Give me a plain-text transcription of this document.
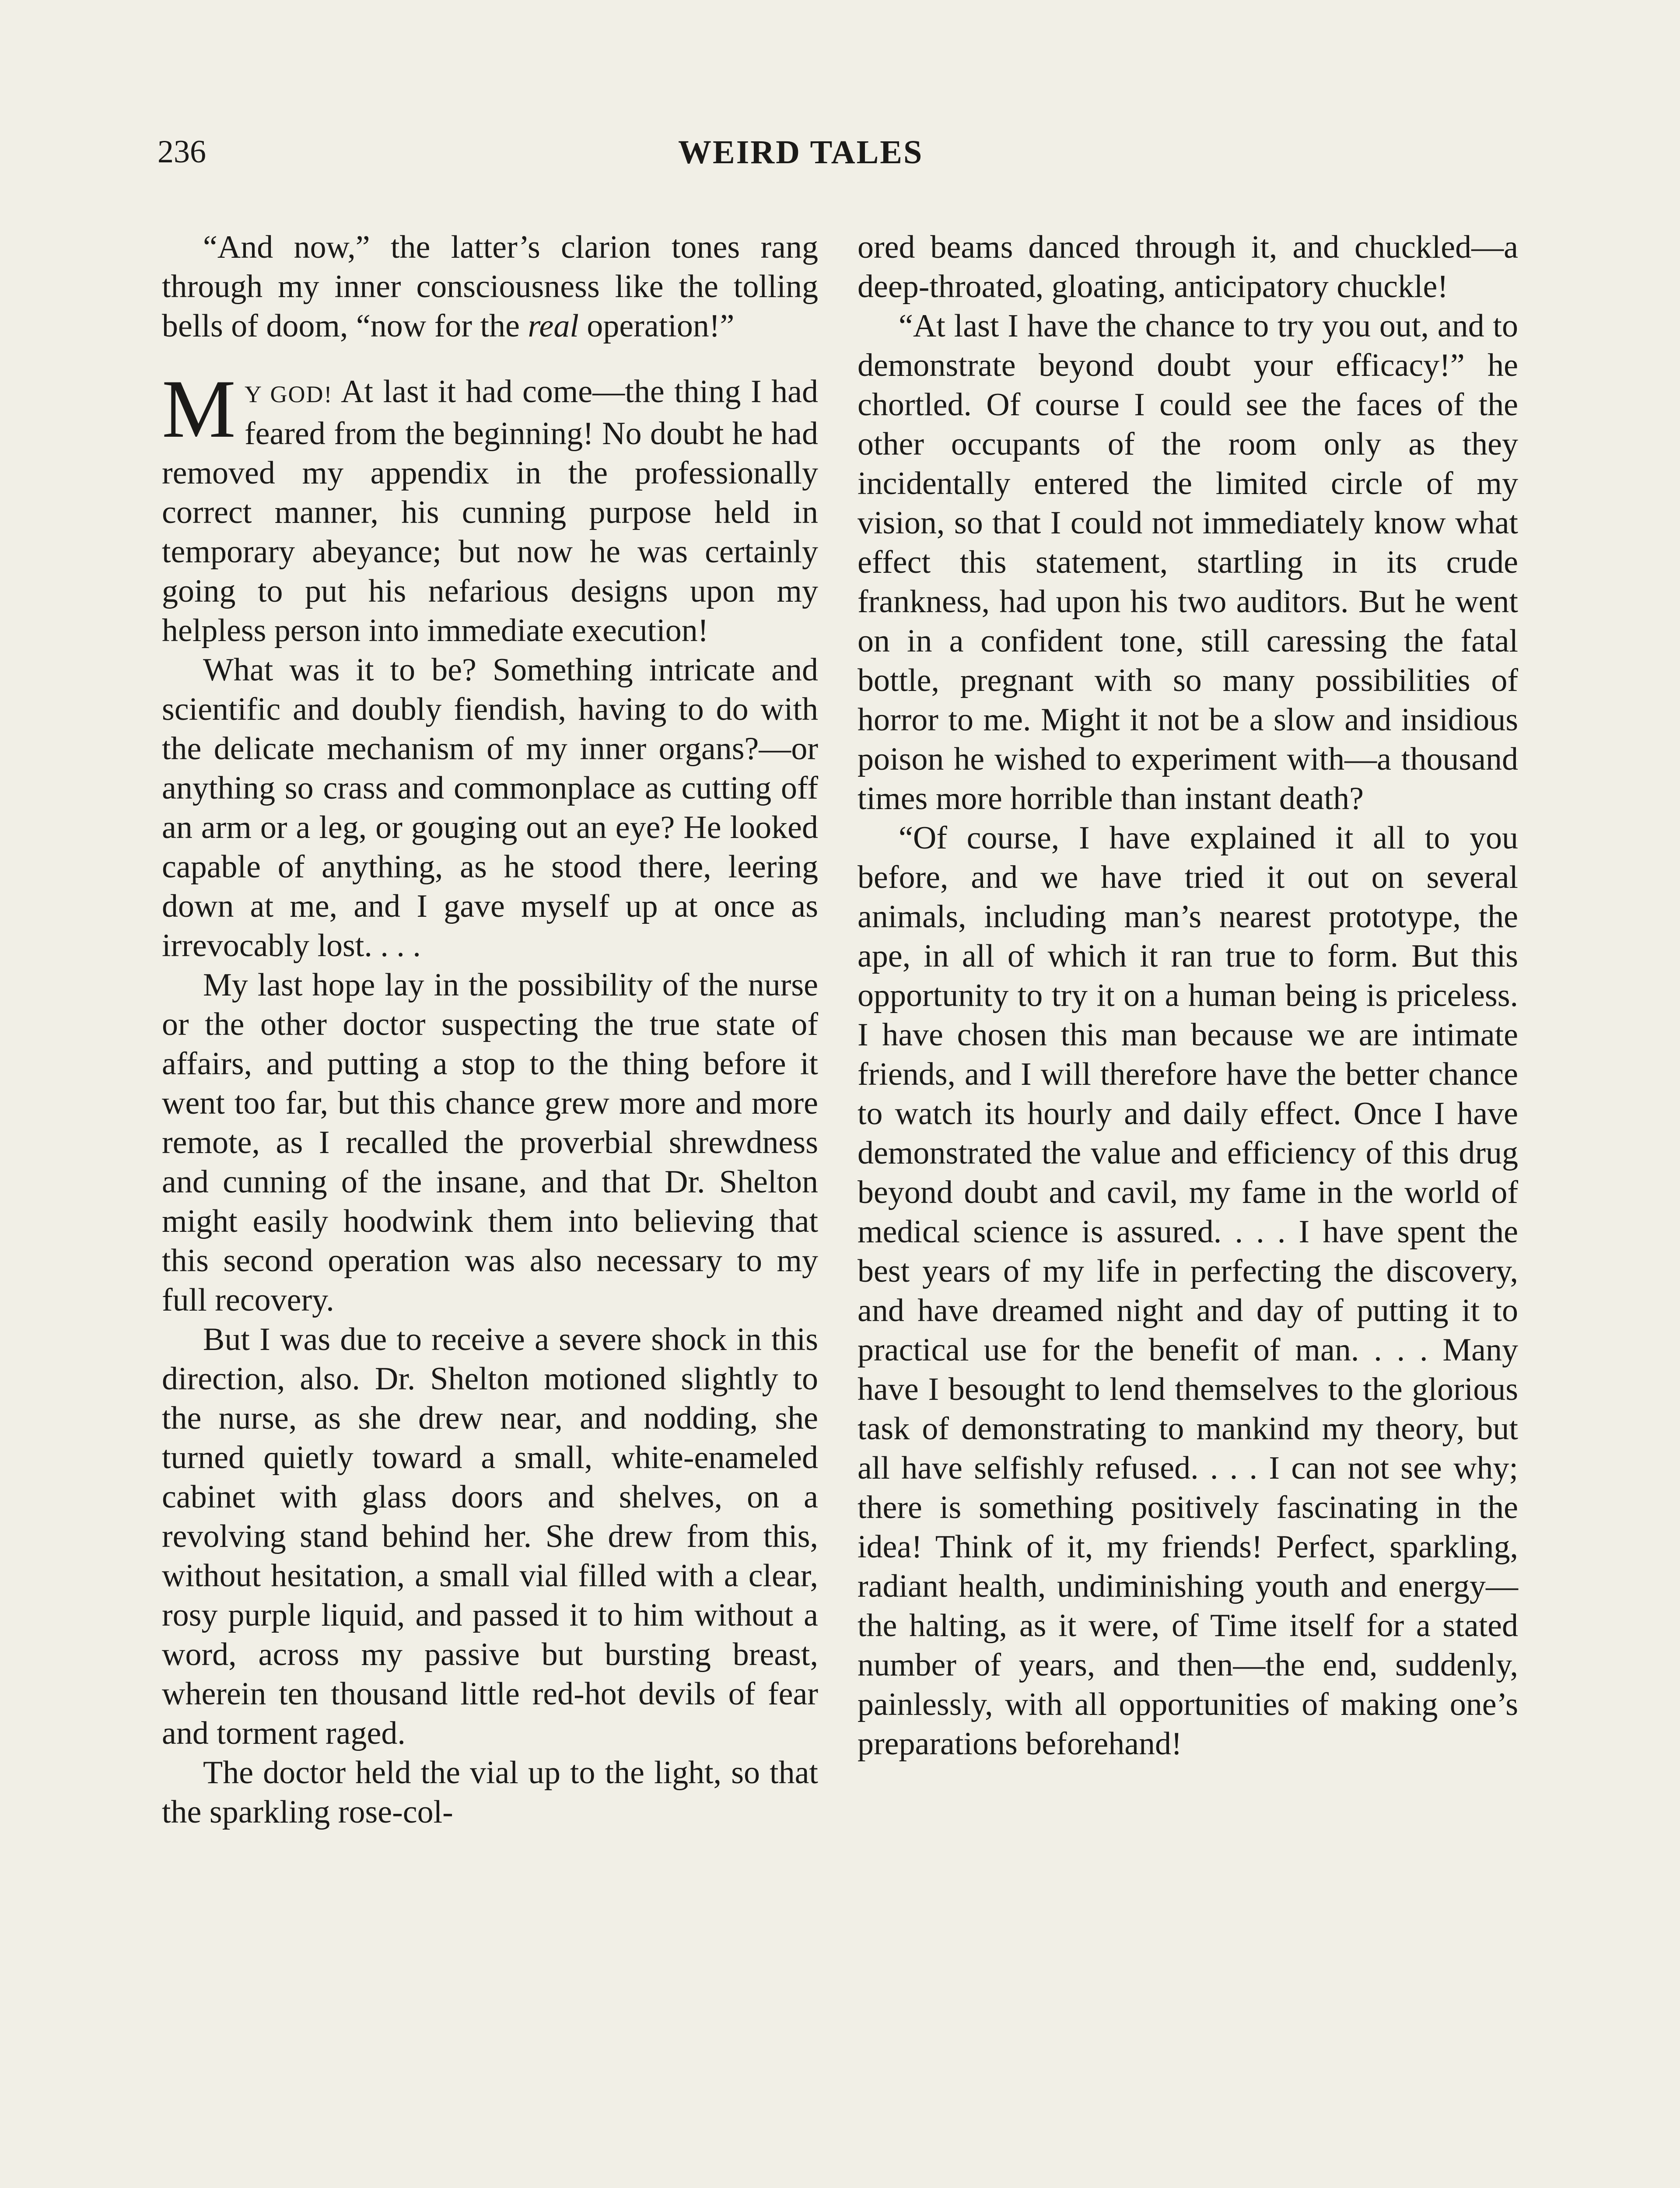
236	WEIRD TALES

“And now,” the latter’s clarion tones rang through my inner consciousness like the tolling bells of doom, “now for the real operation!”

M Y GOD! At last it had come—the thing I had feared from the beginning! No doubt he had removed my appendix in the professionally correct manner, his cunning purpose held in temporary abeyance; but now he was certainly going to put his nefarious designs upon my helpless person into immediate execution!

What was it to be? Something intricate and scientific and doubly fiendish, having to do with the delicate mechanism of my inner organs?—or anything so crass and commonplace as cutting off an arm or a leg, or gouging out an eye? He looked capable of anything, as he stood there, leering down at me, and I gave myself up at once as irrevocably lost. . . .

My last hope lay in the possibility of the nurse or the other doctor suspecting the true state of affairs, and putting a stop to the thing before it went too far, but this chance grew more and more remote, as I recalled the proverbial shrewdness and cunning of the insane, and that Dr. Shelton might easily hoodwink them into believing that this second operation was also necessary to my full recovery.

But I was due to receive a severe shock in this direction, also. Dr. Shelton motioned slightly to the nurse, as she drew near, and nodding, she turned quietly toward a small, white-enameled cabinet with glass doors and shelves, on a revolving stand behind her. She drew from this, without hesitation, a small vial filled with a clear, rosy purple liquid, and passed it to him without a word, across my passive but bursting breast, wherein ten thousand little red-hot devils of fear and torment raged.

The doctor held the vial up to the light, so that the sparkling rose-col-

ored beams danced through it, and chuckled—a deep-throated, gloating, anticipatory chuckle!

“At last I have the chance to try you out, and to demonstrate beyond doubt your efficacy!” he chortled. Of course I could see the faces of the other occupants of the room only as they incidentally entered the limited circle of my vision, so that I could not immediately know what effect this statement, startling in its crude frankness, had upon his two auditors. But he went on in a confident tone, still caressing the fatal bottle, pregnant with so many possibilities of horror to me. Might it not be a slow and insidious poison he wished to experiment with—a thousand times more horrible than instant death?

“Of course, I have explained it all to you before, and we have tried it out on several animals, including man’s nearest prototype, the ape, in all of which it ran true to form. But this opportunity to try it on a human being is priceless. I have chosen this man because we are intimate friends, and I will therefore have the better chance to watch its hourly and daily effect. Once I have demonstrated the value and efficiency of this drug beyond doubt and cavil, my fame in the world of medical science is assured. . . . I have spent the best years of my life in perfecting the discovery, and have dreamed night and day of putting it to practical use for the benefit of man. . . . Many have I besought to lend themselves to the glorious task of demonstrating to mankind my theory, but all have selfishly refused. . . . I can not see why; there is something positively fascinating in the idea! Think of it, my friends! Perfect, sparkling, radiant health, undiminishing youth and energy—the halting, as it were, of Time itself for a stated number of years, and then—the end, suddenly, painlessly, with all opportunities of making one’s preparations beforehand!
